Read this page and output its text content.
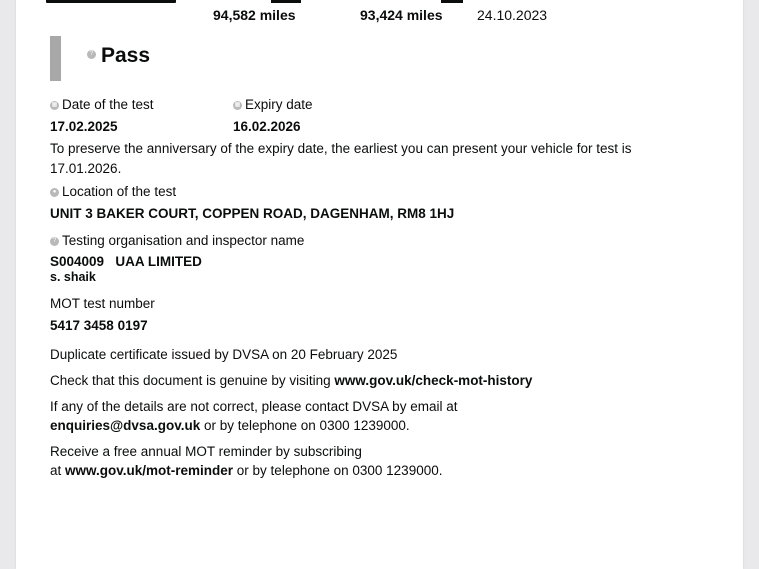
94,582 miles	93,424 miles 24.10.2023
? Pass
▦ Date of the test
17.02.2025
▦ Expiry date
16.02.2026
To preserve the anniversary of the expiry date, the earliest you can present your vehicle for test is
17.01.2026.
● Location of the test
UNIT 3 BAKER COURT, COPPEN ROAD, DAGENHAM, RM8 1HJ
? Testing organisation and inspector name
S004009 UAA LIMITED
s. shaik
MOT test number
5417 3458 0197
Duplicate certificate issued by DVSA on 20 February 2025
Check that this document is genuine by visiting www.gov.uk/check-mot-history
If any of the details are not correct, please contact DVSA by email at
enquiries@dvsa.gov.uk or by telephone on 0300 1239000.
Receive a free annual MOT reminder by subscribing
at www.gov.uk/mot-reminder or by telephone on 0300 1239000.
